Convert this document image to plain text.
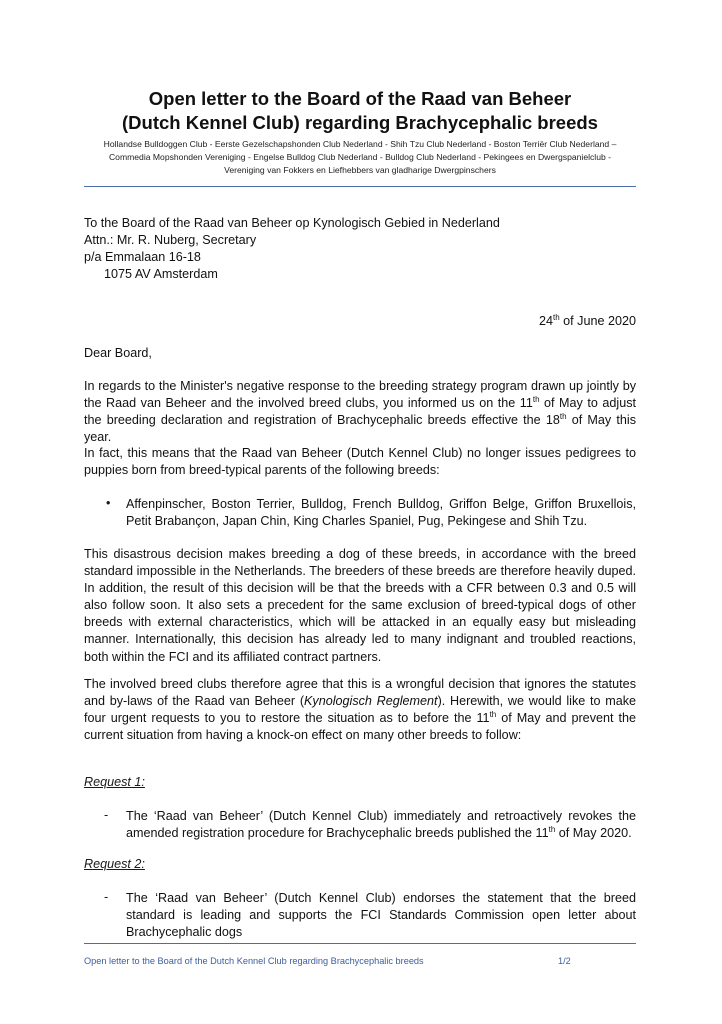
Open letter to the Board of the Raad van Beheer
(Dutch Kennel Club) regarding Brachycephalic breeds
Hollandse Bulldoggen Club - Eerste Gezelschapshonden Club Nederland - Shih Tzu Club Nederland - Boston Terriër Club Nederland –
Commedia Mopshonden Vereniging - Engelse Bulldog Club Nederland - Bulldog Club Nederland - Pekingees en Dwergspanielclub -
Vereniging van Fokkers en Liefhebbers van gladharige Dwergpinschers
To the Board of the Raad van Beheer op Kynologisch Gebied in Nederland
Attn.: Mr. R. Nuberg, Secretary
p/a Emmalaan 16-18
1075 AV Amsterdam
24th of June 2020
Dear Board,
In regards to the Minister's negative response to the breeding strategy program drawn up jointly by the Raad van Beheer and the involved breed clubs, you informed us on the 11th of May to adjust the breeding declaration and registration of Brachycephalic breeds effective the 18th of May this year.
In fact, this means that the Raad van Beheer (Dutch Kennel Club) no longer issues pedigrees to puppies born from breed-typical parents of the following breeds:
• Affenpinscher, Boston Terrier, Bulldog, French Bulldog, Griffon Belge, Griffon Bruxellois, Petit Brabançon, Japan Chin, King Charles Spaniel, Pug, Pekingese and Shih Tzu.
This disastrous decision makes breeding a dog of these breeds, in accordance with the breed standard impossible in the Netherlands. The breeders of these breeds are therefore heavily duped. In addition, the result of this decision will be that the breeds with a CFR between 0.3 and 0.5 will also follow soon. It also sets a precedent for the same exclusion of breed-typical dogs of other breeds with external characteristics, which will be attacked in an equally easy but misleading manner. Internationally, this decision has already led to many indignant and troubled reactions, both within the FCI and its affiliated contract partners.
The involved breed clubs therefore agree that this is a wrongful decision that ignores the statutes and by-laws of the Raad van Beheer (Kynologisch Reglement). Herewith, we would like to make four urgent requests to you to restore the situation as to before the 11th of May and prevent the current situation from having a knock-on effect on many other breeds to follow:
Request 1:
- The ‘Raad van Beheer’ (Dutch Kennel Club) immediately and retroactively revokes the amended registration procedure for Brachycephalic breeds published the 11th of May 2020.
Request 2:
- The ‘Raad van Beheer’ (Dutch Kennel Club) endorses the statement that the breed standard is leading and supports the FCI Standards Commission open letter about Brachycephalic dogs
Open letter to the Board of the Dutch Kennel Club regarding Brachycephalic breeds	1/2
